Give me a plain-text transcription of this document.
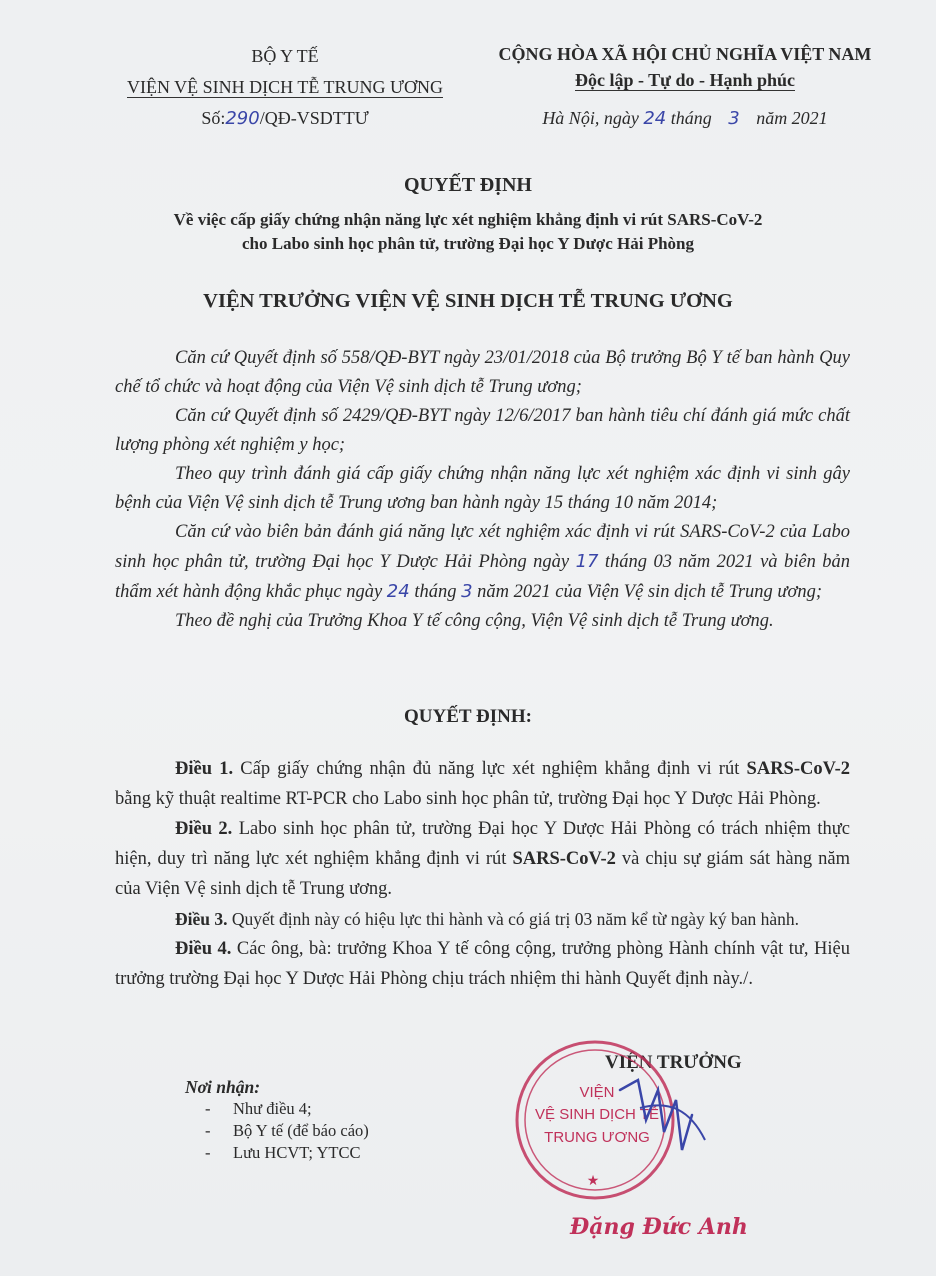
BỘ Y TẾ
VIỆN VỆ SINH DỊCH TỄ TRUNG ƯƠNG
Số:290/QĐ-VSDTTƯ
CỘNG HÒA XÃ HỘI CHỦ NGHĨA VIỆT NAM
Độc lập - Tự do - Hạnh phúc
Hà Nội, ngày 24 tháng 3 năm 2021
QUYẾT ĐỊNH
Về việc cấp giấy chứng nhận năng lực xét nghiệm khẳng định vi rút SARS-CoV-2
cho Labo sinh học phân tử, trường Đại học Y Dược Hải Phòng
VIỆN TRƯỞNG VIỆN VỆ SINH DỊCH TỄ TRUNG ƯƠNG

Căn cứ Quyết định số 558/QĐ-BYT ngày 23/01/2018 của Bộ trưởng Bộ Y tế ban hành Quy chế tổ chức và hoạt động của Viện Vệ sinh dịch tễ Trung ương;

Căn cứ Quyết định số 2429/QĐ-BYT ngày 12/6/2017 ban hành tiêu chí đánh giá mức chất lượng phòng xét nghiệm y học;

Theo quy trình đánh giá cấp giấy chứng nhận năng lực xét nghiệm xác định vi sinh gây bệnh của Viện Vệ sinh dịch tễ Trung ương ban hành ngày 15 tháng 10 năm 2014;

Căn cứ vào biên bản đánh giá năng lực xét nghiệm xác định vi rút SARS-CoV-2 của Labo sinh học phân tử, trường Đại học Y Dược Hải Phòng ngày 17 tháng 03 năm 2021 và biên bản thẩm xét hành động khắc phục ngày 24 tháng 3 năm 2021 của Viện Vệ sin dịch tễ Trung ương;

Theo đề nghị của Trưởng Khoa Y tế công cộng, Viện Vệ sinh dịch tễ Trung ương.

QUYẾT ĐỊNH:

Điều 1. Cấp giấy chứng nhận đủ năng lực xét nghiệm khẳng định vi rút SARS-CoV-2 bằng kỹ thuật realtime RT-PCR cho Labo sinh học phân tử, trường Đại học Y Dược Hải Phòng.

Điều 2. Labo sinh học phân tử, trường Đại học Y Dược Hải Phòng có trách nhiệm thực hiện, duy trì năng lực xét nghiệm khẳng định vi rút SARS-CoV-2 và chịu sự giám sát hàng năm của Viện Vệ sinh dịch tễ Trung ương.

Điều 3. Quyết định này có hiệu lực thi hành và có giá trị 03 năm kể từ ngày ký ban hành.

Điều 4. Các ông, bà: trưởng Khoa Y tế công cộng, trưởng phòng Hành chính vật tư, Hiệu trưởng trường Đại học Y Dược Hải Phòng chịu trách nhiệm thi hành Quyết định này./.

Nơi nhận:
- Như điều 4;
- Bộ Y tế (để báo cáo)
- Lưu HCVT; YTCC
VIỆN TRƯỞNG
VIỆN
VỆ SINH DỊCH TỄ
TRUNG ƯƠNG
★
Đặng Đức Anh
